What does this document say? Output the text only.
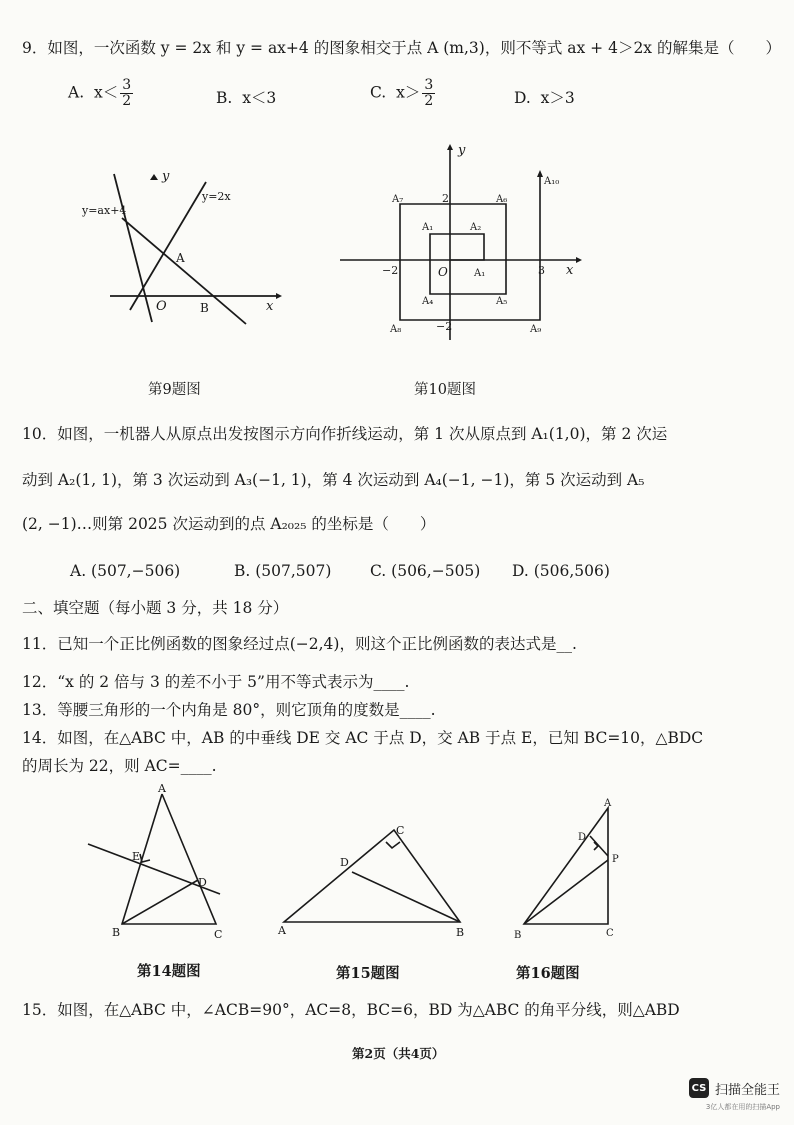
9．如图，一次函数 y = 2x 和 y = ax+4 的图象相交于点 A (m,3)，则不等式 ax + 4＞2x 的解集是（　　）
A. $x< \frac{3}{2}$	B. x＜3	C. $x> \frac{3}{2}$	D. x＞3
y
x
O
A
B
y=2x
y=ax+4
第9题图
y
x
O	A₁
A₁	A₂
A₄	A₅
A₆
A₇
A₈	A₉
A₁₀
2
−2	3
−2
第10题图
10．如图，一机器人从原点出发按图示方向作折线运动，第 1 次从原点到 A₁(1,0)，第 2 次运
动到 A₂(1, 1)，第 3 次运动到 A₃(−1, 1)，第 4 次运动到 A₄(−1, −1)，第 5 次运动到 A₅
(2, −1)…则第 2025 次运动到的点 A₂₀₂₅ 的坐标是（　　）
A. (507,−506)	B. (507,507) C. (506,−505) D. (506,506)
二、填空题（每小题 3 分，共 18 分）
11．已知一个正比例函数的图象经过点(−2,4)，则这个正比例函数的表达式是__.
12．“x 的 2 倍与 3 的差不小于 5”用不等式表示为____.
13．等腰三角形的一个内角是 80°，则它顶角的度数是____.
14．如图，在△ABC 中，AB 的中垂线 DE 交 AC 于点 D，交 AB 于点 E，已知 BC=10，△BDC
的周长为 22，则 AC=____.
A
B	C
D
E
第14题图
A	B
C
D
第15题图
A
B	C
D
P
第16题图
15．如图，在△ABC 中，∠ACB=90°，AC=8，BC=6，BD 为△ABC 的角平分线，则△ABD
第2页（共4页）
CS 扫描全能王
3亿人都在用的扫描App
